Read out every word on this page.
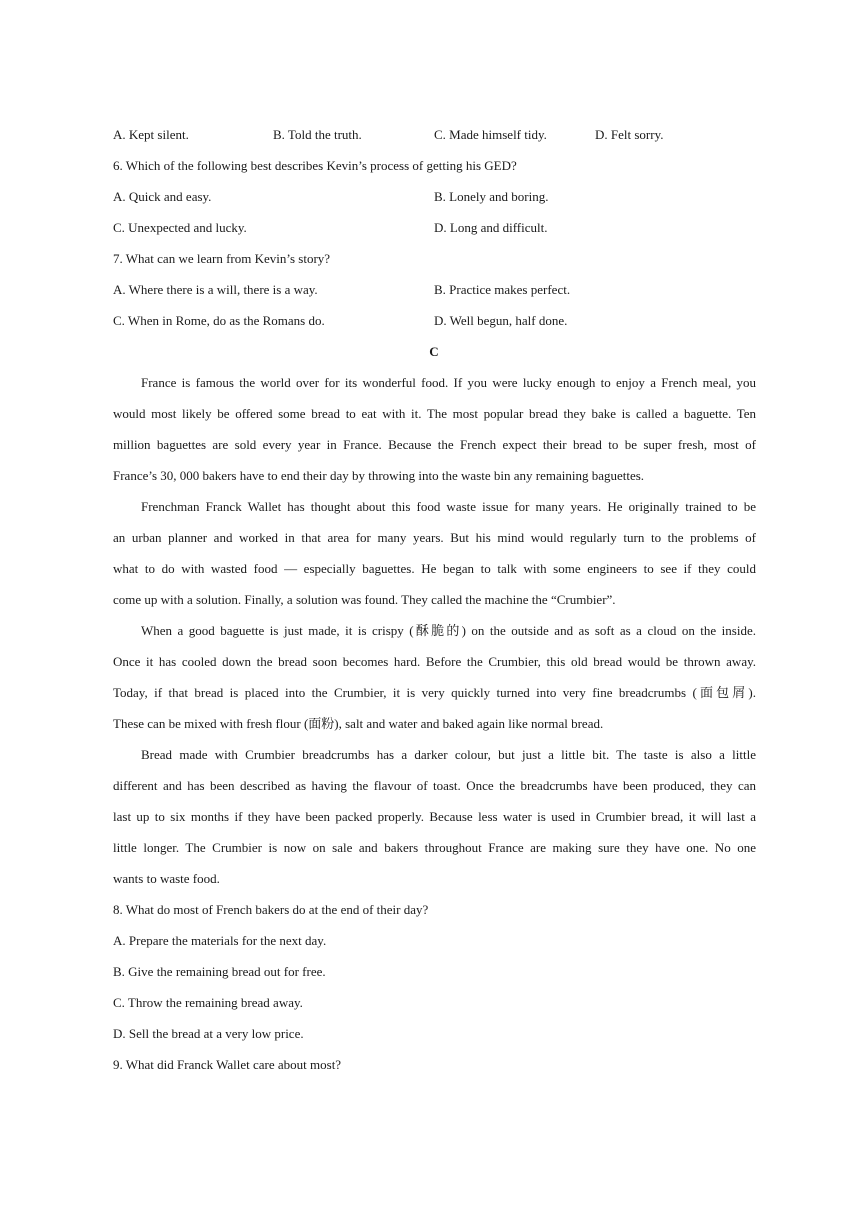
A. Kept silent.	B. Told the truth.	C. Made himself tidy.	D. Felt sorry.
6. Which of the following best describes Kevin’s process of getting his GED?
A. Quick and easy.	B. Lonely and boring.
C. Unexpected and lucky.	D. Long and difficult.
7. What can we learn from Kevin’s story?
A. Where there is a will, there is a way.	B. Practice makes perfect.
C. When in Rome, do as the Romans do.	D. Well begun, half done.
C
France is famous the world over for its wonderful food. If you were lucky enough to enjoy a French meal, you
would most likely be offered some bread to eat with it. The most popular bread they bake is called a baguette. Ten
million baguettes are sold every year in France. Because the French expect their bread to be super fresh, most of
France’s 30, 000 bakers have to end their day by throwing into the waste bin any remaining baguettes.
Frenchman Franck Wallet has thought about this food waste issue for many years. He originally trained to be
an urban planner and worked in that area for many years. But his mind would regularly turn to the problems of
what to do with wasted food — especially baguettes. He began to talk with some engineers to see if they could
come up with a solution. Finally, a solution was found. They called the machine the “Crumbier”.
When a good baguette is just made, it is crispy (酥脆的) on the outside and as soft as a cloud on the inside.
Once it has cooled down the bread soon becomes hard. Before the Crumbier, this old bread would be thrown away.
Today, if that bread is placed into the Crumbier, it is very quickly turned into very fine breadcrumbs (面包屑).
These can be mixed with fresh flour (面粉), salt and water and baked again like normal bread.
Bread made with Crumbier breadcrumbs has a darker colour, but just a little bit. The taste is also a little
different and has been described as having the flavour of toast. Once the breadcrumbs have been produced, they can
last up to six months if they have been packed properly. Because less water is used in Crumbier bread, it will last a
little longer. The Crumbier is now on sale and bakers throughout France are making sure they have one. No one
wants to waste food.
8. What do most of French bakers do at the end of their day?
A. Prepare the materials for the next day.
B. Give the remaining bread out for free.
C. Throw the remaining bread away.
D. Sell the bread at a very low price.
9. What did Franck Wallet care about most?
